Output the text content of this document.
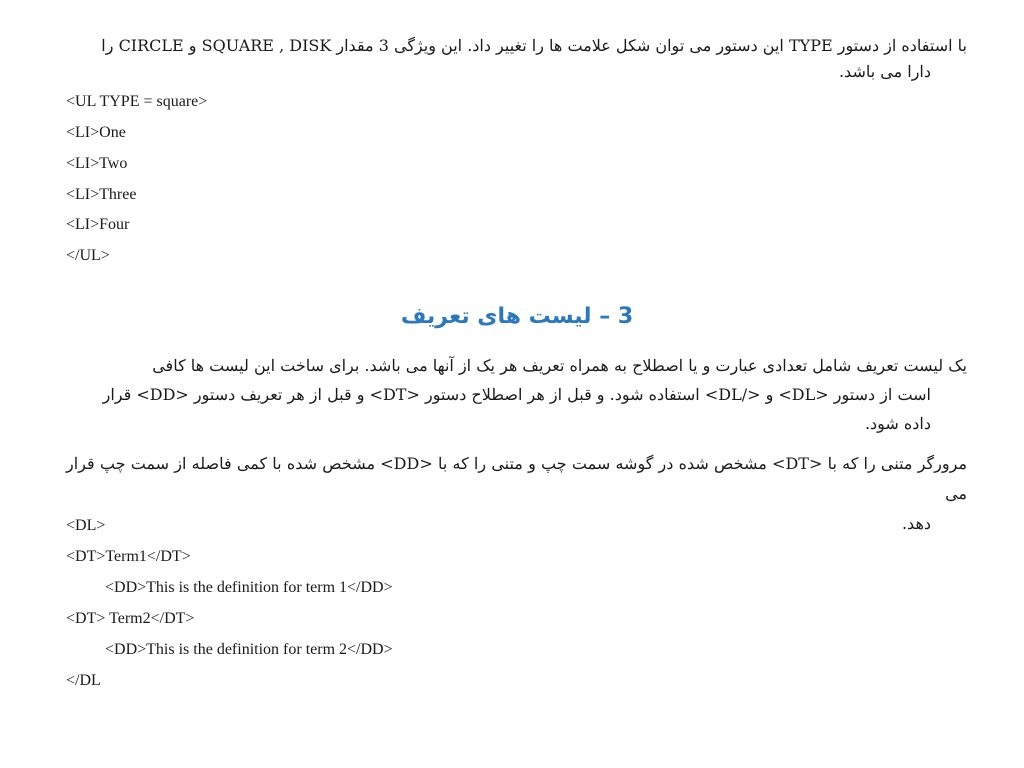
با استفاده از دستور TYPE این دستور می توان شکل علامت ها را تغییر داد. این ویژگی 3 مقدار SQUARE , DISK و CIRCLE را
دارا می باشد.
<UL TYPE = square>
<LI>One
<LI>Two
<LI>Three
<LI>Four
</UL>
3 – لیست های تعریف
یک لیست تعریف شامل تعدادی عبارت و یا اصطلاح به همراه تعریف هر یک از آنها می باشد. برای ساخت این لیست ها کافی
است از دستور <DL> و </DL> استفاده شود. و قبل از هر اصطلاح دستور <DT> و قبل از هر تعریف دستور <DD> قرار
داده شود.
مرورگر متنی را که با <DT> مشخص شده در گوشه سمت چپ و متنی را که با <DD> مشخص شده با کمی فاصله از سمت چپ قرار می
دهد.
<DL>
<DT>Term1</DT>
<DD>This is the definition for term 1</DD>
<DT> Term2</DT>
<DD>This is the definition for term 2</DD>
</DL
